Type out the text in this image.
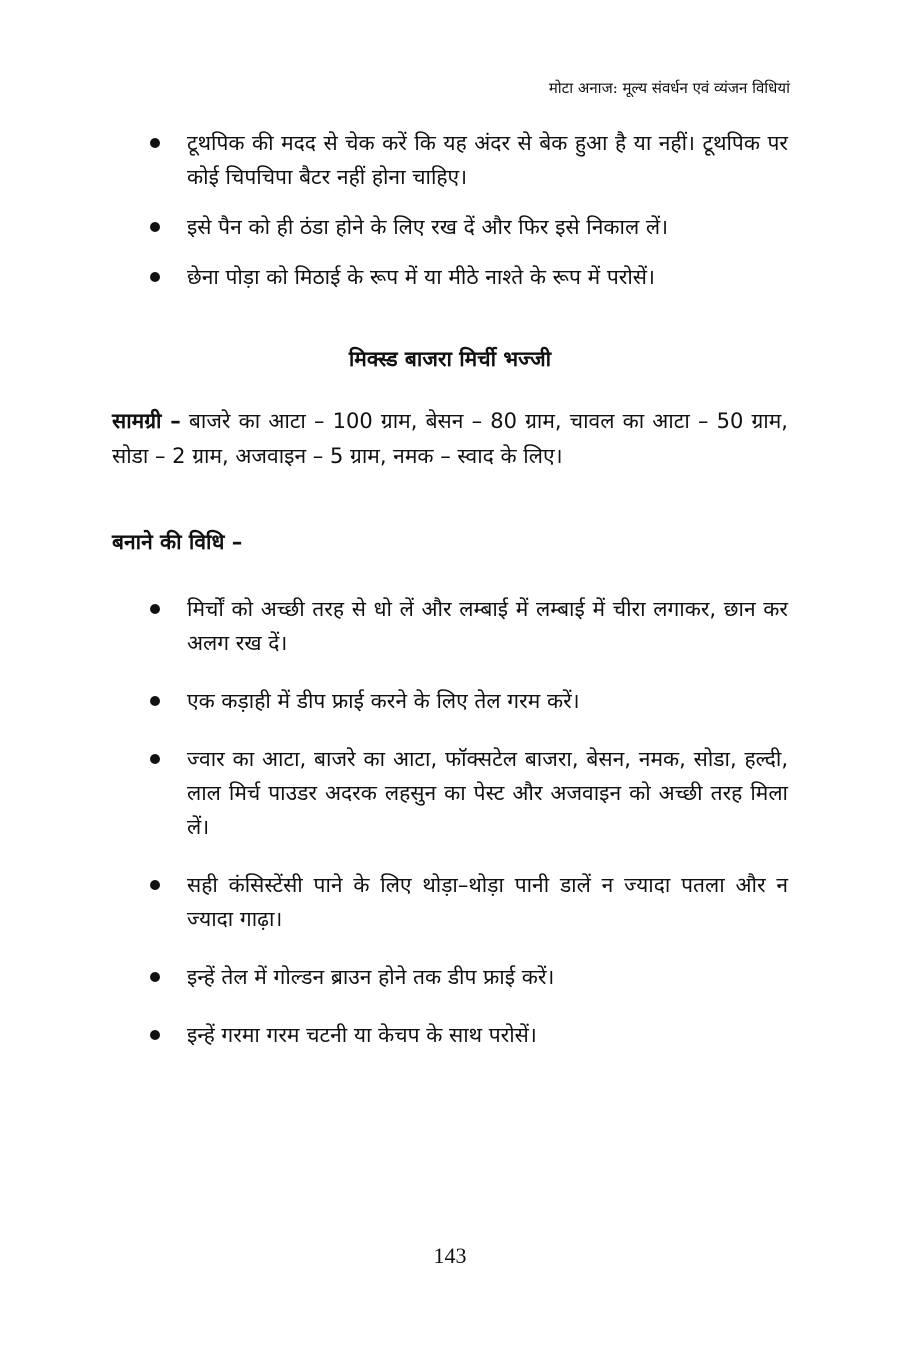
मोटा अनाज: मूल्य संवर्धन एवं व्यंजन विधियां
टूथपिक की मदद से चेक करें कि यह अंदर से बेक हुआ है या नहीं। टूथपिक पर कोई चिपचिपा बैटर नहीं होना चाहिए।
इसे पैन को ही ठंडा होने के लिए रख दें और फिर इसे निकाल लें।
छेना पोड़ा को मिठाई के रूप में या मीठे नाश्ते के रूप में परोसें।
मिक्स्ड बाजरा मिर्ची भज्जी
सामग्री – बाजरे का आटा – 100 ग्राम, बेसन – 80 ग्राम, चावल का आटा – 50 ग्राम, सोडा – 2 ग्राम, अजवाइन – 5 ग्राम, नमक – स्वाद के लिए।
बनाने की विधि –
मिर्चों को अच्छी तरह से धो लें और लम्बाई में लम्बाई में चीरा लगाकर, छान कर अलग रख दें।
एक कड़ाही में डीप फ्राई करने के लिए तेल गरम करें।
ज्वार का आटा, बाजरे का आटा, फॉक्सटेल बाजरा, बेसन, नमक, सोडा, हल्दी, लाल मिर्च पाउडर अदरक लहसुन का पेस्ट और अजवाइन को अच्छी तरह मिला लें।
सही कंसिस्टेंसी पाने के लिए थोड़ा–थोड़ा पानी डालें न ज्यादा पतला और न ज्यादा गाढ़ा।
इन्हें तेल में गोल्डन ब्राउन होने तक डीप फ्राई करें।
इन्हें गरमा गरम चटनी या केचप के साथ परोसें।
143
